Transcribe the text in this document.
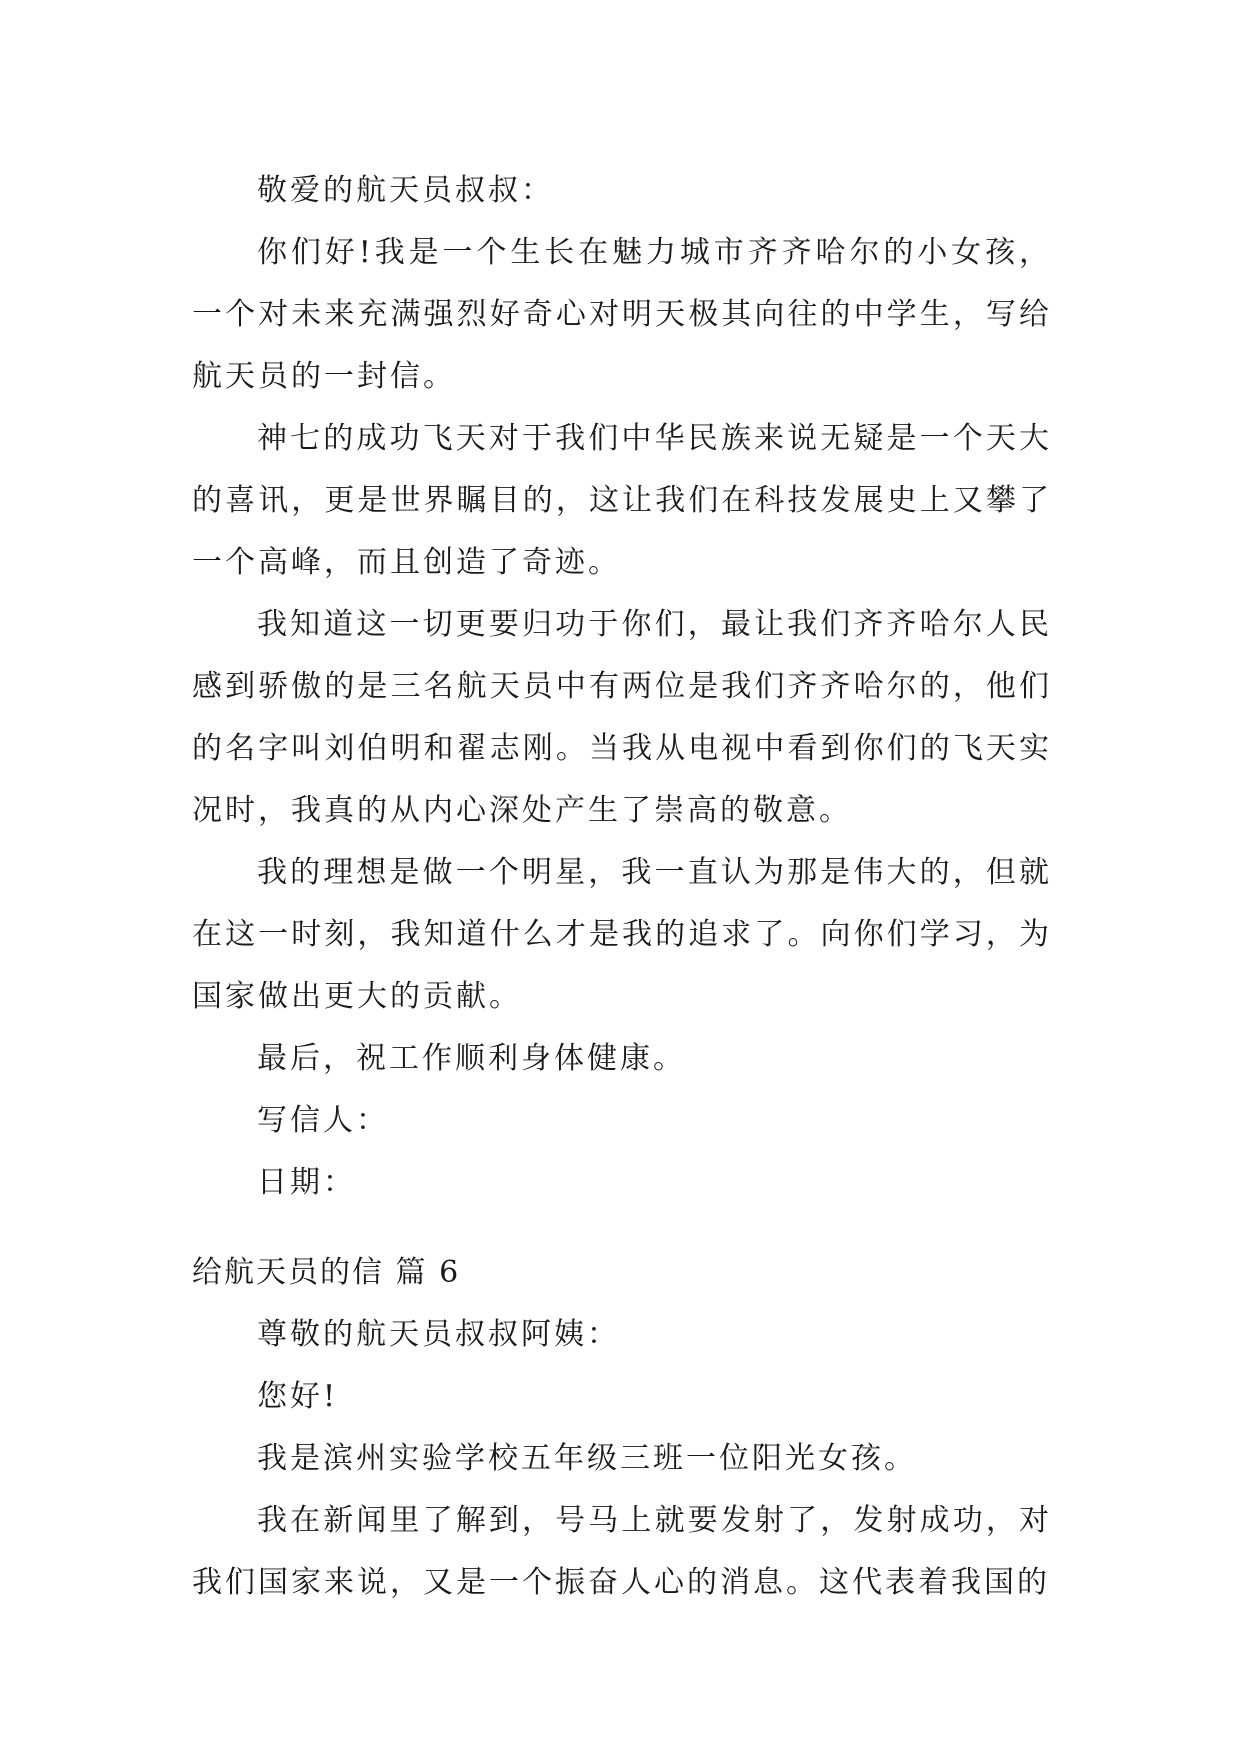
敬爱的航天员叔叔：

你们好!我是一个生长在魅力城市齐齐哈尔的小女孩，一个对未来充满强烈好奇心对明天极其向往的中学生，写给航天员的一封信。

神七的成功飞天对于我们中华民族来说无疑是一个天大的喜讯，更是世界瞩目的，这让我们在科技发展史上又攀了一个高峰，而且创造了奇迹。

我知道这一切更要归功于你们，最让我们齐齐哈尔人民感到骄傲的是三名航天员中有两位是我们齐齐哈尔的，他们的名字叫刘伯明和翟志刚。当我从电视中看到你们的飞天实况时，我真的从内心深处产生了崇高的敬意。

我的理想是做一个明星，我一直认为那是伟大的，但就在这一时刻，我知道什么才是我的追求了。向你们学习，为国家做出更大的贡献。

最后，祝工作顺利身体健康。

写信人：

日期：

给航天员的信 篇 6

尊敬的航天员叔叔阿姨：

您好!

我是滨州实验学校五年级三班一位阳光女孩。

我在新闻里了解到，号马上就要发射了，发射成功，对我们国家来说，又是一个振奋人心的消息。这代表着我国的
